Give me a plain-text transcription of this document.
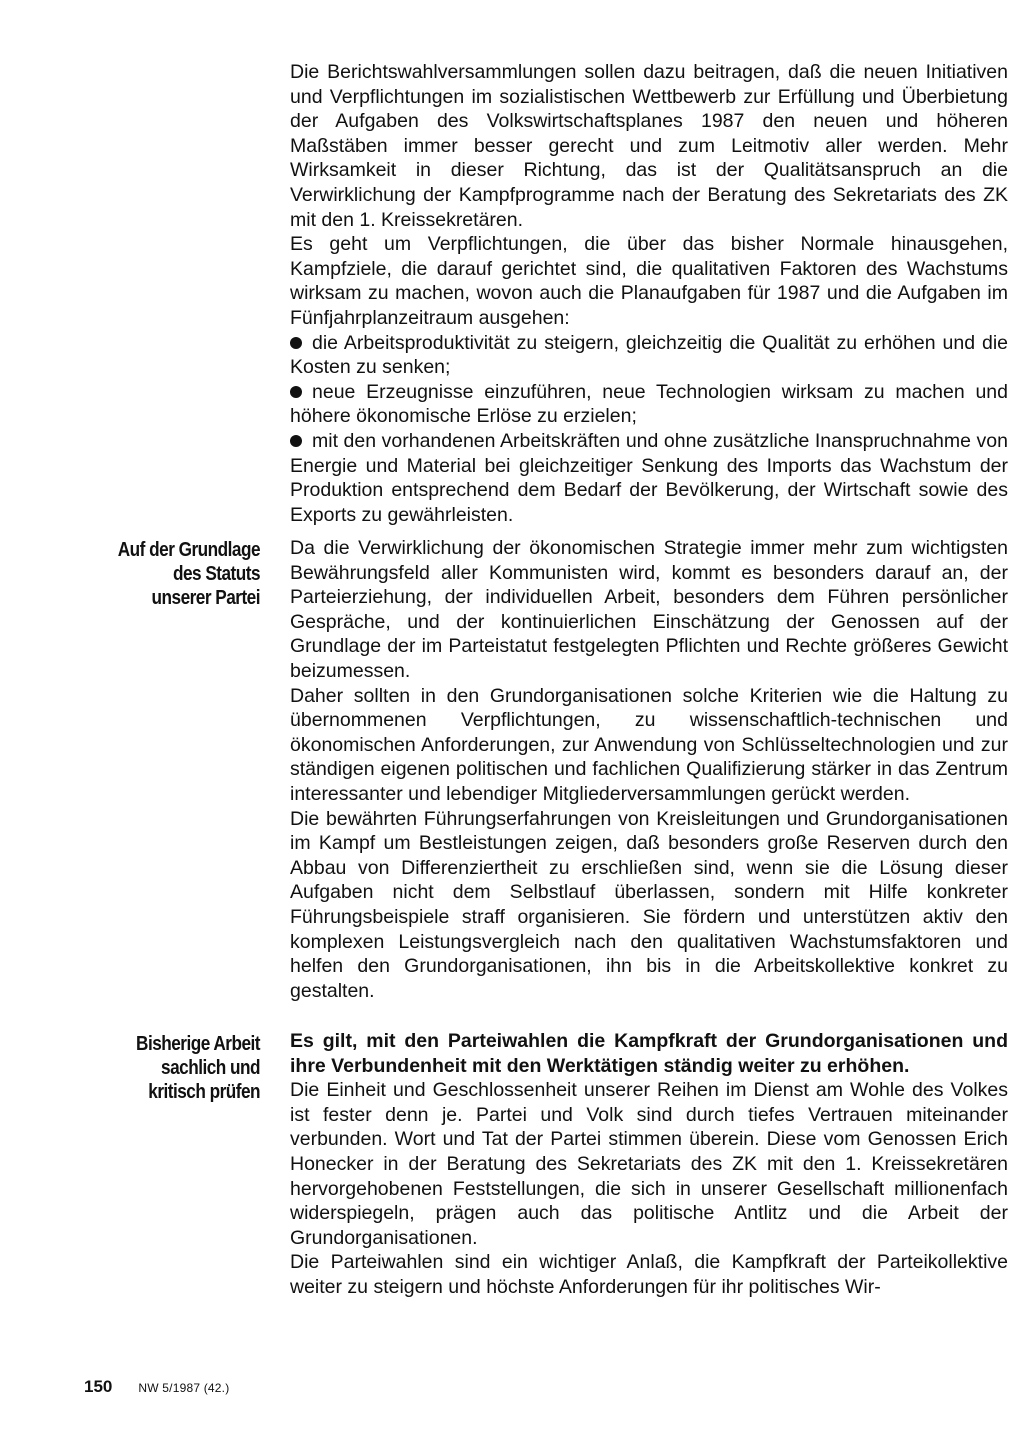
Die Berichtswahlversammlungen sollen dazu beitragen, daß die neuen Initiativen und Verpflichtungen im sozialistischen Wettbewerb zur Erfüllung und Überbietung der Aufgaben des Volkswirtschaftsplanes 1987 den neuen und höheren Maßstäben immer besser gerecht und zum Leitmotiv aller werden. Mehr Wirksamkeit in dieser Richtung, das ist der Qualitätsanspruch an die Verwirklichung der Kampfprogramme nach der Beratung des Sekretariats des ZK mit den 1. Kreissekretären.

Es geht um Verpflichtungen, die über das bisher Normale hinausgehen, Kampfziele, die darauf gerichtet sind, die qualitativen Faktoren des Wachstums wirksam zu machen, wovon auch die Planaufgaben für 1987 und die Aufgaben im Fünfjahrplanzeitraum ausgehen:

die Arbeitsproduktivität zu steigern, gleichzeitig die Qualität zu erhöhen und die Kosten zu senken;

neue Erzeugnisse einzuführen, neue Technologien wirksam zu machen und höhere ökonomische Erlöse zu erzielen;

mit den vorhandenen Arbeitskräften und ohne zusätzliche Inanspruchnahme von Energie und Material bei gleichzeitiger Senkung des Imports das Wachstum der Produktion entsprechend dem Bedarf der Bevölkerung, der Wirtschaft sowie des Exports zu gewährleisten.

Auf der Grundlage
des Statuts
unserer Partei

Da die Verwirklichung der ökonomischen Strategie immer mehr zum wichtigsten Bewährungsfeld aller Kommunisten wird, kommt es besonders darauf an, der Parteierziehung, der individuellen Arbeit, besonders dem Führen persönlicher Gespräche, und der kontinuierlichen Einschätzung der Genossen auf der Grundlage der im Parteistatut festgelegten Pflichten und Rechte größeres Gewicht beizumessen.

Daher sollten in den Grundorganisationen solche Kriterien wie die Haltung zu übernommenen Verpflichtungen, zu wissenschaftlich-technischen und ökonomischen Anforderungen, zur Anwendung von Schlüsseltechnologien und zur ständigen eigenen politischen und fachlichen Qualifizierung stärker in das Zentrum interessanter und lebendiger Mitgliederversammlungen gerückt werden.

Die bewährten Führungserfahrungen von Kreisleitungen und Grundorganisationen im Kampf um Bestleistungen zeigen, daß besonders große Reserven durch den Abbau von Differenziertheit zu erschließen sind, wenn sie die Lösung dieser Aufgaben nicht dem Selbstlauf überlassen, sondern mit Hilfe konkreter Führungsbeispiele straff organisieren. Sie fördern und unterstützen aktiv den komplexen Leistungsvergleich nach den qualitativen Wachstumsfaktoren und helfen den Grundorganisationen, ihn bis in die Arbeitskollektive konkret zu gestalten.

Bisherige Arbeit
sachlich und
kritisch prüfen

Es gilt, mit den Parteiwahlen die Kampfkraft der Grundorganisationen und ihre Verbundenheit mit den Werktätigen ständig weiter zu erhöhen.

Die Einheit und Geschlossenheit unserer Reihen im Dienst am Wohle des Volkes ist fester denn je. Partei und Volk sind durch tiefes Vertrauen miteinander verbunden. Wort und Tat der Partei stimmen überein. Diese vom Genossen Erich Honecker in der Beratung des Sekretariats des ZK mit den 1. Kreissekretären hervorgehobenen Feststellungen, die sich in unserer Gesellschaft millionenfach widerspiegeln, prägen auch das politische Antlitz und die Arbeit der Grundorganisationen.

Die Parteiwahlen sind ein wichtiger Anlaß, die Kampfkraft der Parteikollektive weiter zu steigern und höchste Anforderungen für ihr politisches Wir-

150 NW 5/1987 (42.)
